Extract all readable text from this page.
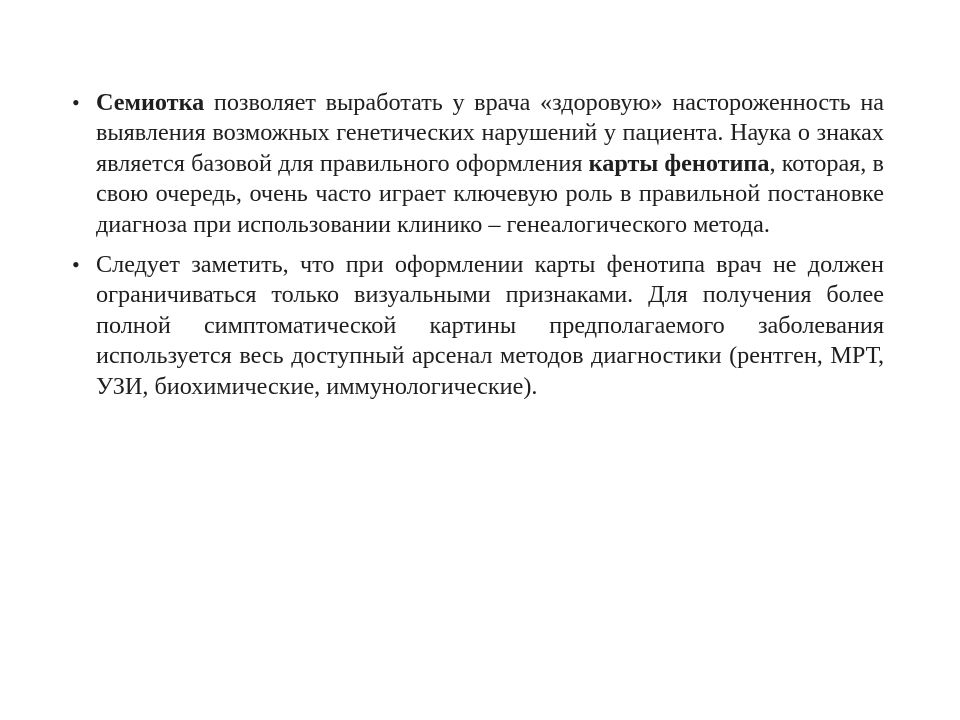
• Семиотка позволяет выработать у врача «здоровую» настороженность на выявления возможных генетических нарушений у пациента. Наука о знаках является базовой для правильного оформления карты фенотипа, которая, в свою очередь, очень часто играет ключевую роль в правильной постановке диагноза при использовании клинико – генеалогического метода.
• Следует заметить, что при оформлении карты фенотипа врач не должен ограничиваться только визуальными признаками. Для получения более полной симптоматической картины предполагаемого заболевания используется весь доступный арсенал методов диагностики (рентген, МРТ, УЗИ, биохимические, иммунологические).
